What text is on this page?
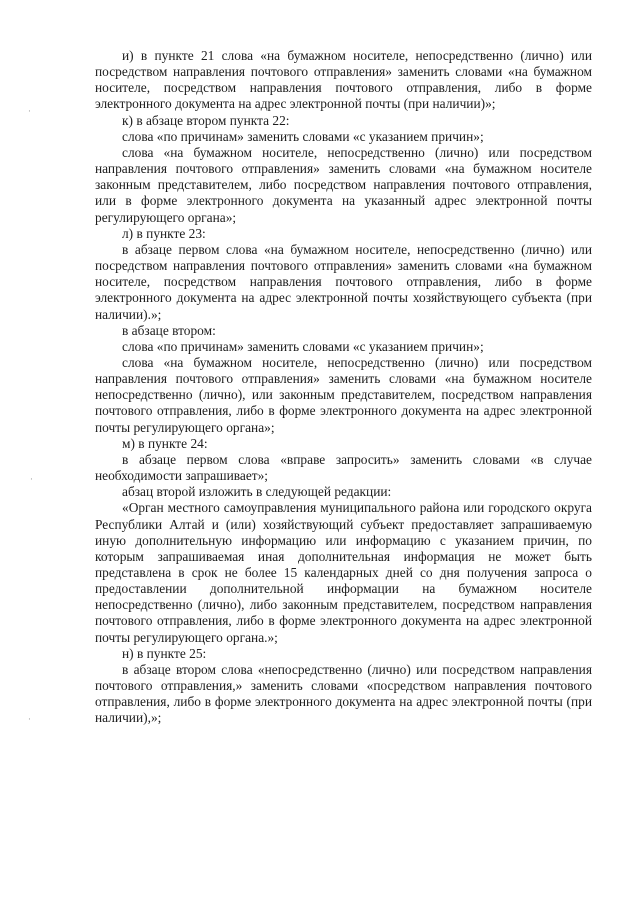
·
·
·

и) в пункте 21 слова «на бумажном носителе, непосредственно (лично) или посредством направления почтового отправления» заменить словами «на бумажном носителе, посредством направления почтового отправления, либо в форме электронного документа на адрес электронной почты (при наличии)»;

к) в абзаце втором пункта 22:

слова «по причинам» заменить словами «с указанием причин»;

слова «на бумажном носителе, непосредственно (лично) или посредством направления почтового отправления» заменить словами «на бумажном носителе законным представителем, либо посредством направления почтового отправления, или в форме электронного документа на указанный адрес электронной почты регулирующего органа»;

л) в пункте 23:

в абзаце первом слова «на бумажном носителе, непосредственно (лично) или посредством направления почтового отправления» заменить словами «на бумажном носителе, посредством направления почтового отправления, либо в форме электронного документа на адрес электронной почты хозяйствующего субъекта (при наличии).»;

в абзаце втором:

слова «по причинам» заменить словами «с указанием причин»;

слова «на бумажном носителе, непосредственно (лично) или посредством направления почтового отправления» заменить словами «на бумажном носителе непосредственно (лично), или законным представителем, посредством направления почтового отправления, либо в форме электронного документа на адрес электронной почты регулирующего органа»;

м) в пункте 24:

в абзаце первом слова «вправе запросить» заменить словами «в случае необходимости запрашивает»;

абзац второй изложить в следующей редакции:

«Орган местного самоуправления муниципального района или городского округа Республики Алтай и (или) хозяйствующий субъект предоставляет запрашиваемую иную дополнительную информацию или информацию с указанием причин, по которым запрашиваемая иная дополнительная информация не может быть представлена в срок не более 15 календарных дней со дня получения запроса о предоставлении дополнительной информации на бумажном носителе непосредственно (лично), либо законным представителем, посредством направления почтового отправления, либо в форме электронного документа на адрес электронной почты регулирующего органа.»;

н) в пункте 25:

в абзаце втором слова «непосредственно (лично) или посредством направления почтового отправления,» заменить словами «посредством направления почтового отправления, либо в форме электронного документа на адрес электронной почты (при наличии),»;
